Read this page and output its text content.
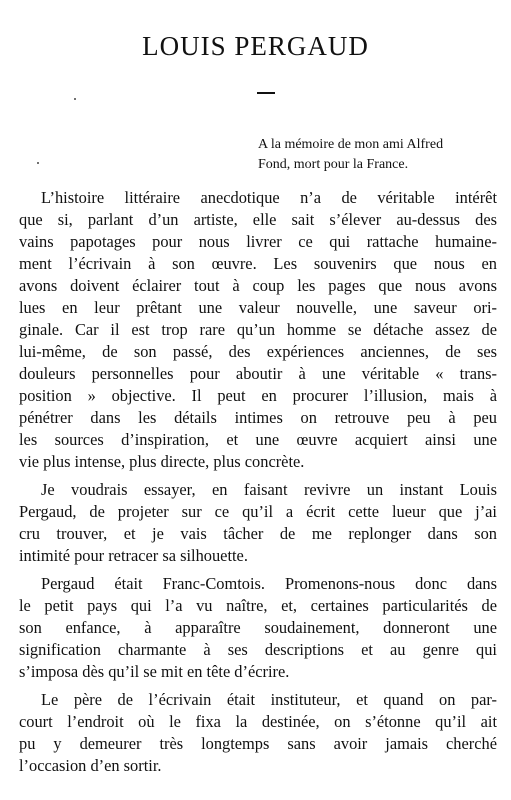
LOUIS PERGAUD
A la mémoire de mon ami Alfred
Fond, mort pour la France.
L’histoire littéraire anecdotique n’a de véritable intérêt
que si, parlant d’un artiste, elle sait s’élever au-dessus des
vains papotages pour nous livrer ce qui rattache humaine-
ment l’écrivain à son œuvre. Les souvenirs que nous en
avons doivent éclairer tout à coup les pages que nous avons
lues en leur prêtant une valeur nouvelle, une saveur ori-
ginale. Car il est trop rare qu’un homme se détache assez de
lui-même, de son passé, des expériences anciennes, de ses
douleurs personnelles pour aboutir à une véritable « trans-
position » objective. Il peut en procurer l’illusion, mais à
pénétrer dans les détails intimes on retrouve peu à peu
les sources d’inspiration, et une œuvre acquiert ainsi une
vie plus intense, plus directe, plus concrète.
Je voudrais essayer, en faisant revivre un instant Louis
Pergaud, de projeter sur ce qu’il a écrit cette lueur que j’ai
cru trouver, et je vais tâcher de me replonger dans son
intimité pour retracer sa silhouette.
Pergaud était Franc-Comtois. Promenons-nous donc dans
le petit pays qui l’a vu naître, et, certaines particularités de
son enfance, à apparaître soudainement, donneront une
signification charmante à ses descriptions et au genre qui
s’imposa dès qu’il se mit en tête d’écrire.
Le père de l’écrivain était instituteur, et quand on par-
court l’endroit où le fixa la destinée, on s’étonne qu’il ait
pu y demeurer très longtemps sans avoir jamais cherché
l’occasion d’en sortir.
